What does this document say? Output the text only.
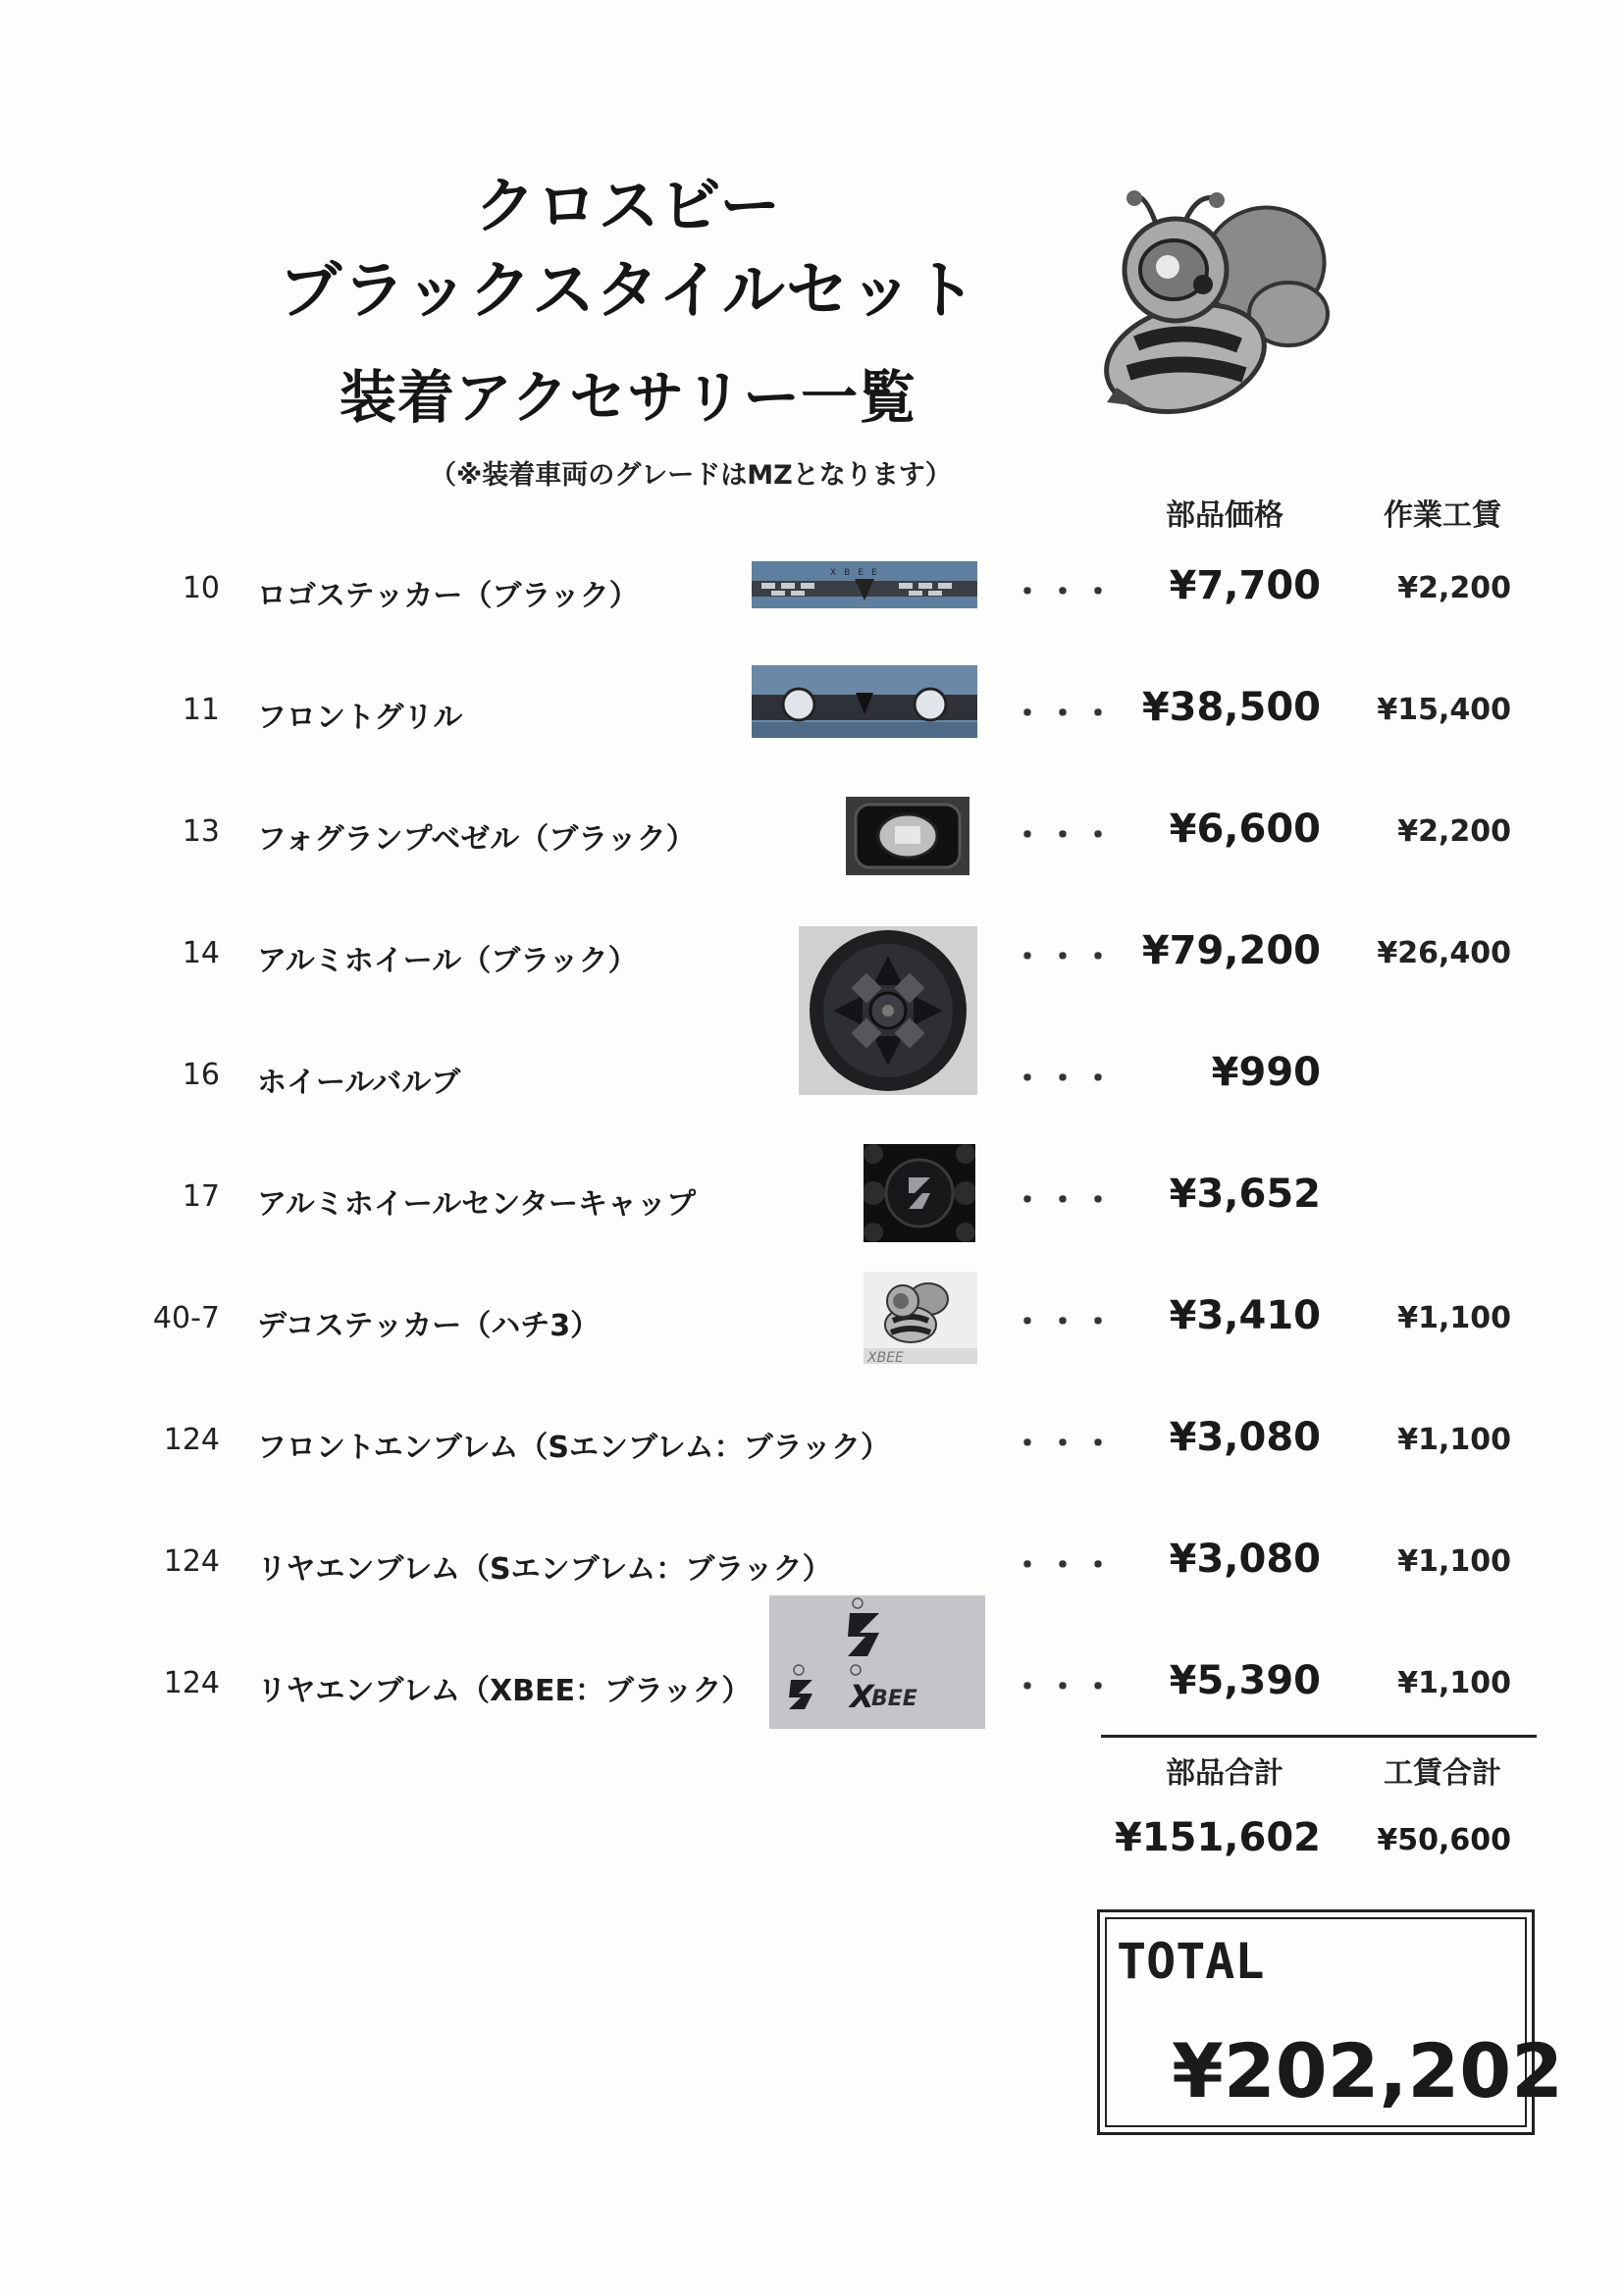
クロスビー
ブラックスタイルセット
装着アクセサリー一覧
（※装着車両のグレードはMZとなります）
部品価格	作業工賃
10 ロゴステッカー（ブラック）	・・・ ¥7,700	¥2,200
XBEE
11 フロントグリル	・・・ ¥38,500 ¥15,400
13 フォグランプベゼル（ブラック）	・・・ ¥6,600	¥2,200
14 アルミホイール（ブラック）	・・・ ¥79,200 ¥26,400
16 ホイールバルブ	・・・ ¥990
17 アルミホイールセンターキャップ	・・・ ¥3,652
40-7 デコステッカー（ハチ3）	・・・ ¥3,410	¥1,100
XBEE
124 フロントエンブレム（Sエンブレム：ブラック）	・・・ ¥3,080	¥1,100
124 リヤエンブレム（Sエンブレム：ブラック）	・・・ ¥3,080	¥1,100
124 リヤエンブレム（XBEE：ブラック）	・・・ ¥5,390	¥1,100
X
BEE
部品合計	工賃合計
¥151,602 ¥50,600
TOTAL
¥202,202
